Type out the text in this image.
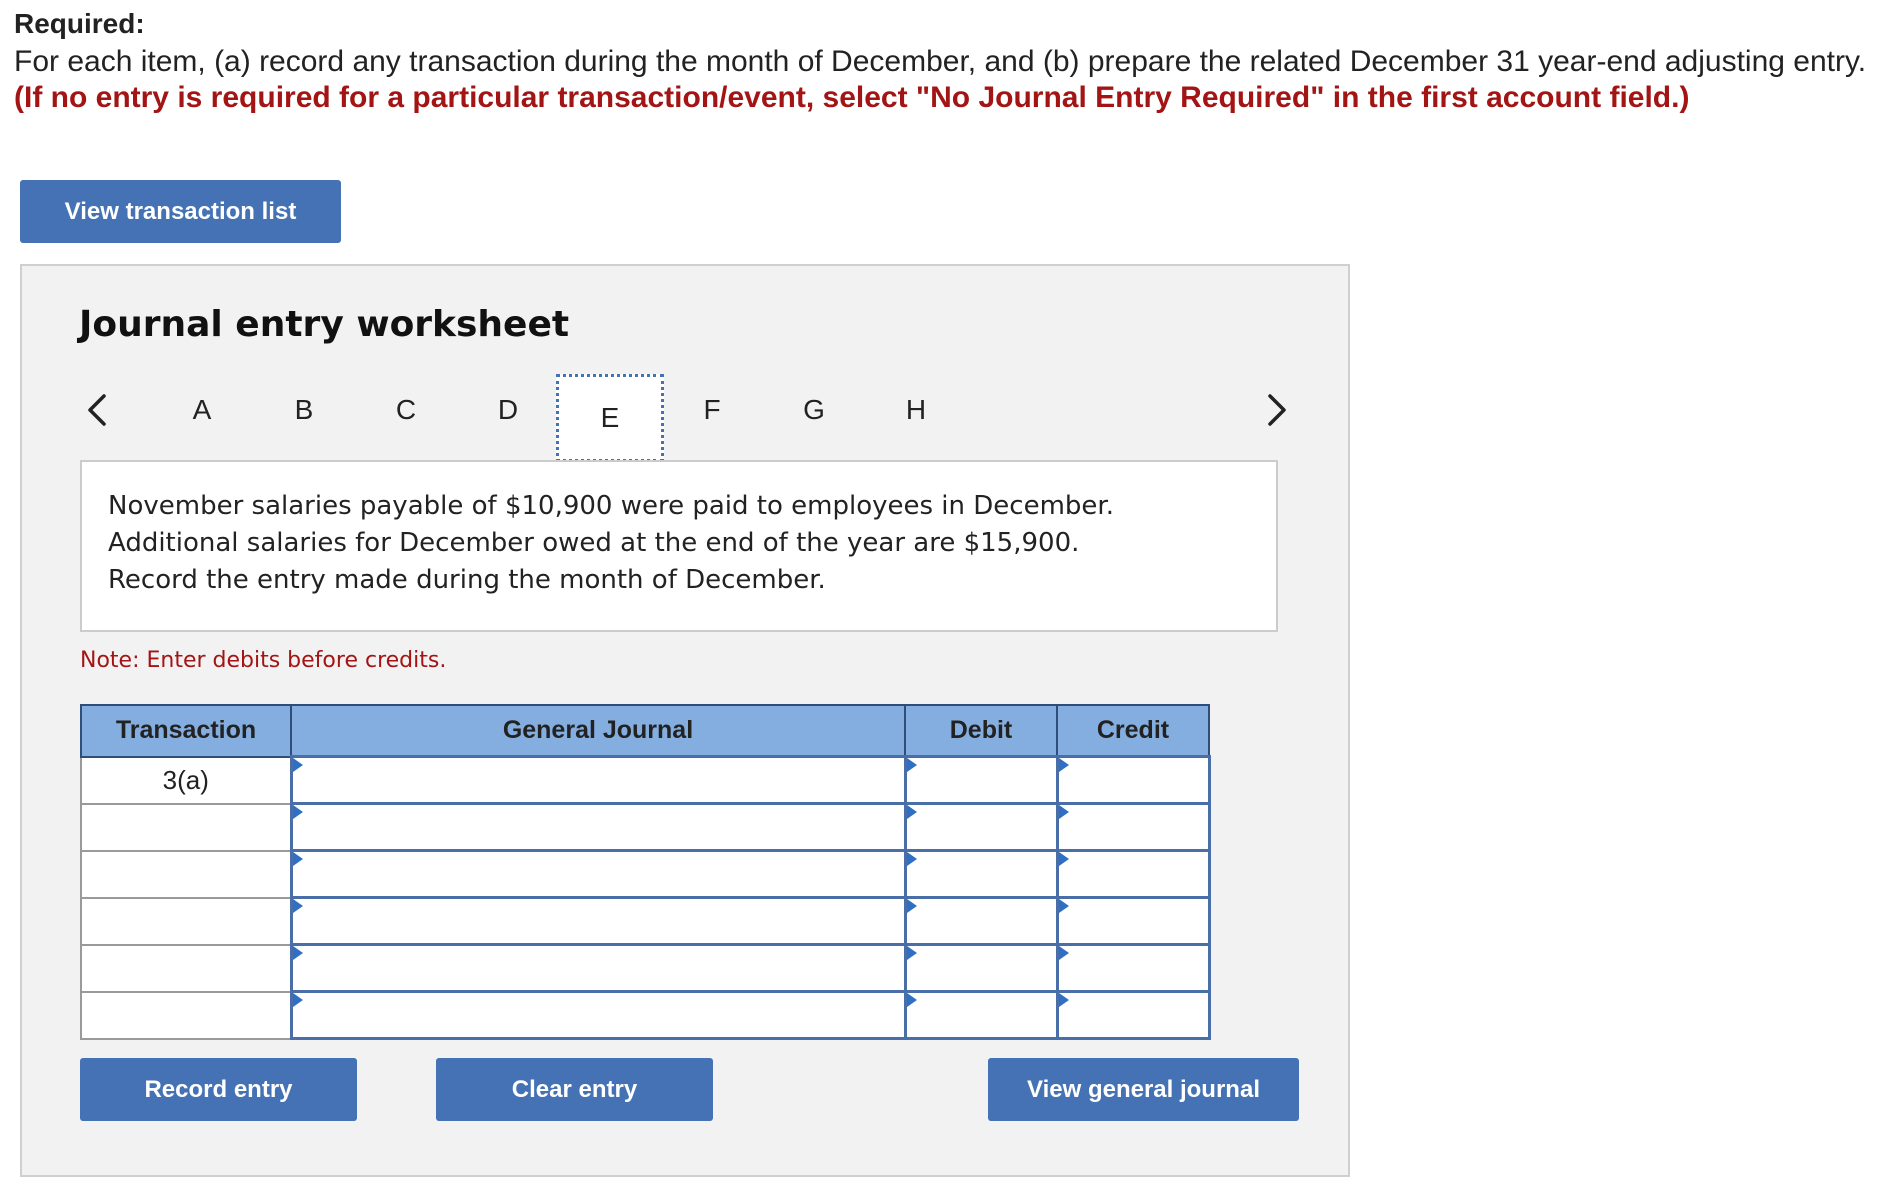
Required:
For each item, (a) record any transaction during the month of December, and (b) prepare the related December 31 year-end adjusting entry. (If no entry is required for a particular transaction/event, select "No Journal Entry Required" in the first account field.)
View transaction list
Journal entry worksheet
A	B	C	D	E	F	G	H
November salaries payable of $10,900 were paid to employees in December.
Additional salaries for December owed at the end of the year are $15,900.
Record the entry made during the month of December.
Note: Enter debits before credits.
Transaction	General Journal	Debit	Credit
3(a)	

Record entry	Clear entry	View general journal
